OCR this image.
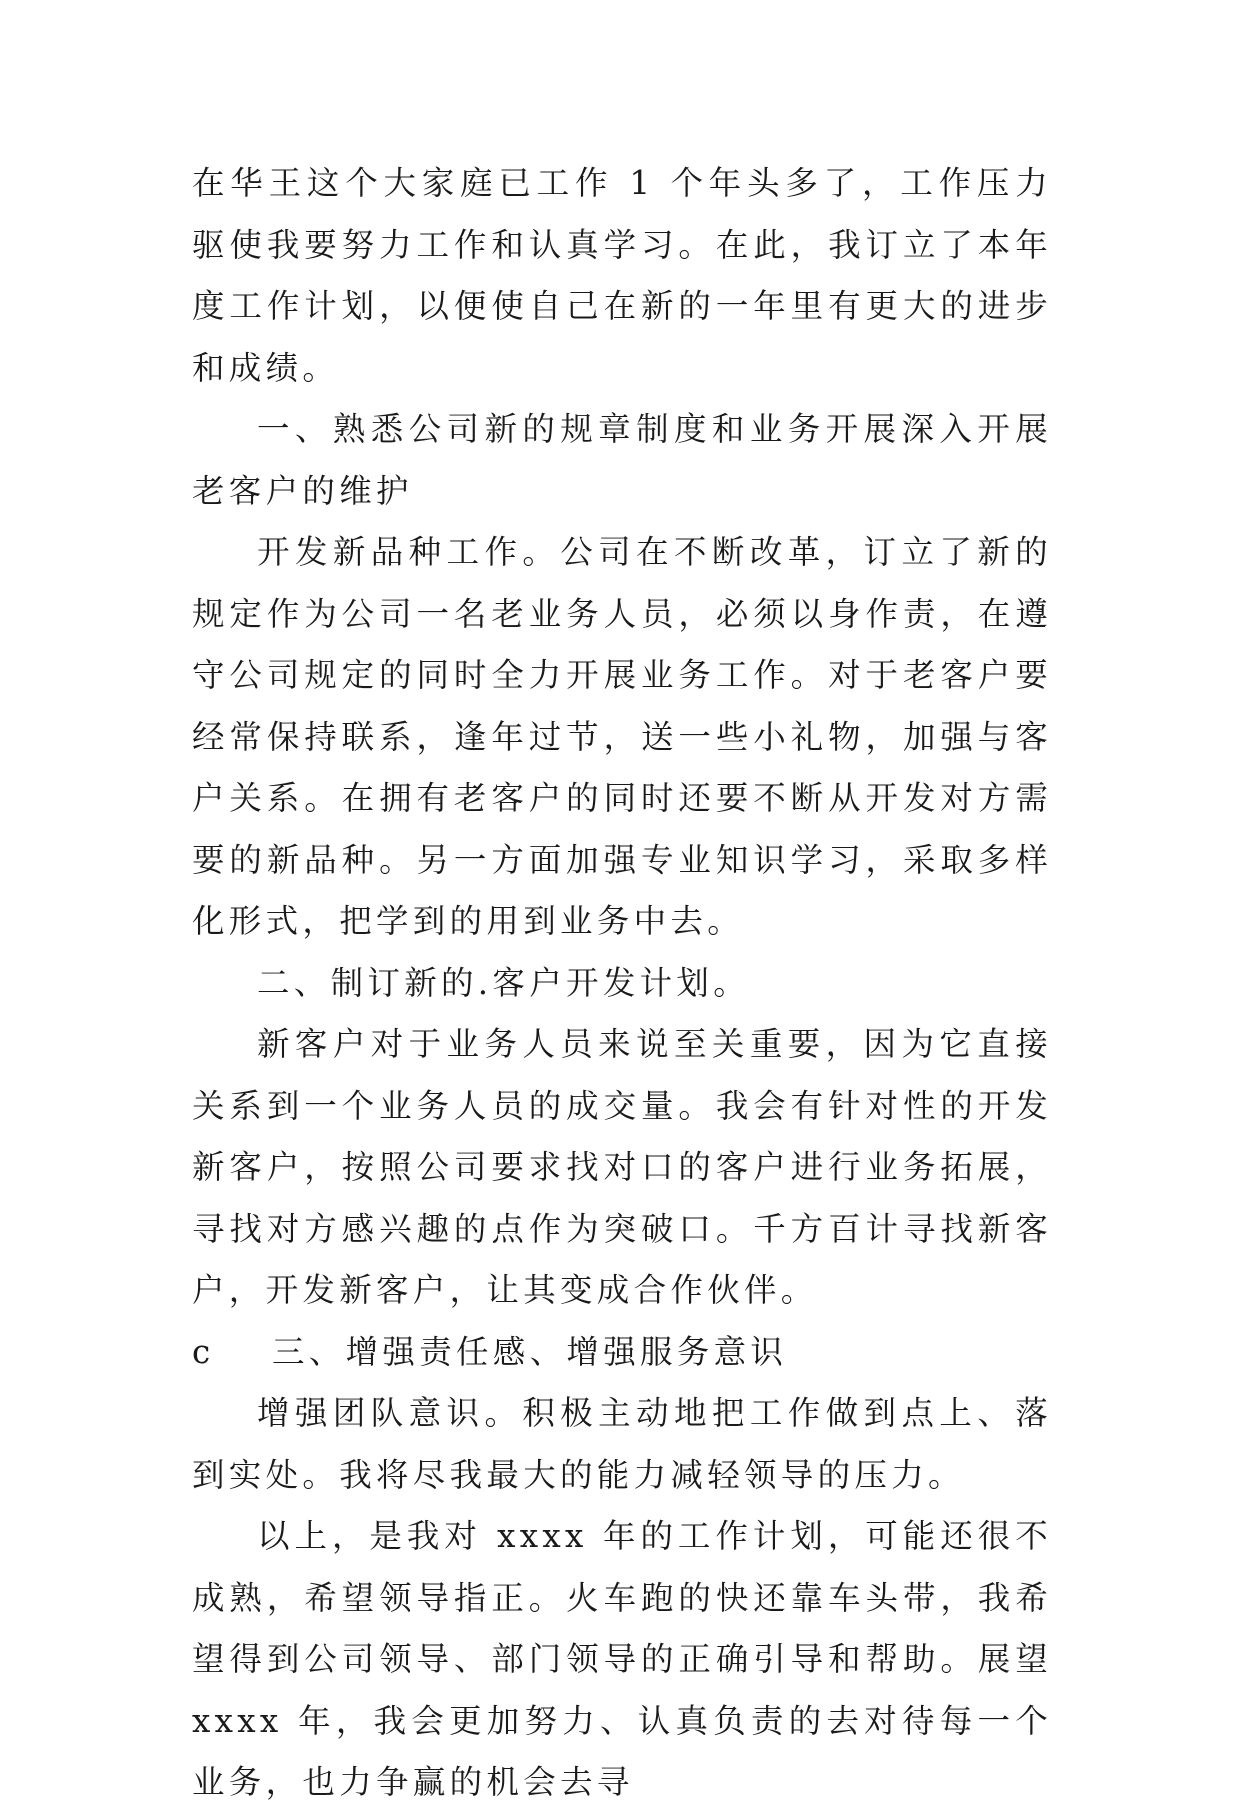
在华王这个大家庭已工作 1 个年头多了，工作压力驱使我要努力工作和认真学习。在此，我订立了本年度工作计划，以便使自己在新的一年里有更大的进步和成绩。

一、熟悉公司新的规章制度和业务开展深入开展老客户的维护

开发新品种工作。公司在不断改革，订立了新的规定作为公司一名老业务人员，必须以身作责，在遵守公司规定的同时全力开展业务工作。对于老客户要经常保持联系，逢年过节，送一些小礼物，加强与客户关系。在拥有老客户的同时还要不断从开发对方需要的新品种。另一方面加强专业知识学习，采取多样化形式，把学到的用到业务中去。

二、制订新的.客户开发计划。

新客户对于业务人员来说至关重要，因为它直接关系到一个业务人员的成交量。我会有针对性的开发新客户，按照公司要求找对口的客户进行业务拓展，寻找对方感兴趣的点作为突破口。千方百计寻找新客户，开发新客户，让其变成合作伙伴。

c 三、增强责任感、增强服务意识

增强团队意识。积极主动地把工作做到点上、落到实处。我将尽我最大的能力减轻领导的压力。

以上，是我对 xxxx 年的工作计划，可能还很不成熟，希望领导指正。火车跑的快还靠车头带，我希望得到公司领导、部门领导的正确引导和帮助。展望 xxxx 年，我会更加努力、认真负责的去对待每一个业务，也力争赢的机会去寻
